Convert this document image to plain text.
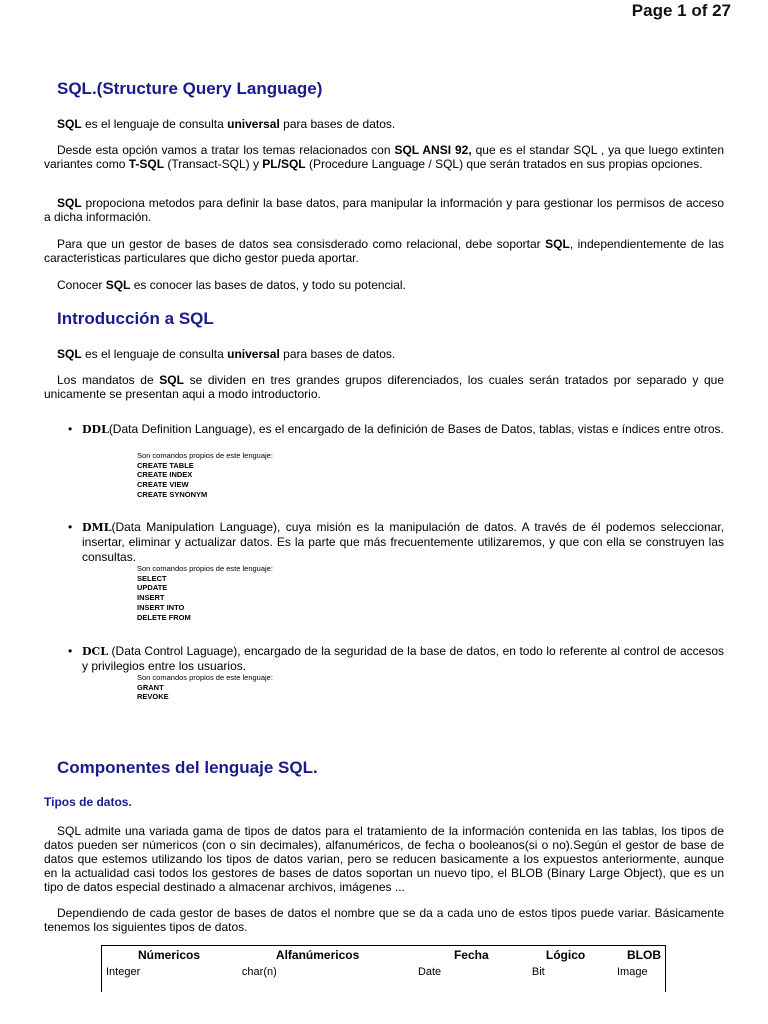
Page 1 of 27
SQL.(Structure Query Language)
SQL es el lenguaje de consulta universal para bases de datos.
Desde esta opción vamos a tratar los temas relacionados con SQL ANSI 92, que es el standar SQL , ya que luego extinten variantes como T-SQL (Transact-SQL) y PL/SQL (Procedure Language / SQL) que serán tratados en sus propias opciones.
SQL propociona metodos para definir la base datos, para manipular la información y para gestionar los permisos de acceso a dicha información.
Para que un gestor de bases de datos sea consisderado como relacional, debe soportar SQL, independientemente de las caracteristicas particulares que dicho gestor pueda aportar.
Conocer SQL es conocer las bases de datos, y todo su potencial.
Introducción a SQL
SQL es el lenguaje de consulta universal para bases de datos.
Los mandatos de SQL se dividen en tres grandes grupos diferenciados, los cuales serán tratados por separado y que unicamente se presentan aqui a modo introductorio.
• DDL(Data Definition Language), es el encargado de la definición de Bases de Datos, tablas, vistas e índices entre otros.
Son comandos propios de este lenguaje:
CREATE TABLE
CREATE INDEX
CREATE VIEW
CREATE SYNONYM
• DML(Data Manipulation Language), cuya misión es la manipulación de datos. A través de él podemos seleccionar, insertar, eliminar y actualizar datos. Es la parte que más frecuentemente utilizaremos, y que con ella se construyen las consultas.
Son comandos propios de este lenguaje:
SELECT
UPDATE
INSERT
INSERT INTO
DELETE FROM
• DCL (Data Control Laguage), encargado de la seguridad de la base de datos, en todo lo referente al control de accesos y privilegios entre los usuarios.
Son comandos propios de este lenguaje:
GRANT
REVOKE
Componentes del lenguaje SQL.
Tipos de datos.
SQL admite una variada gama de tipos de datos para el tratamiento de la información contenida en las tablas, los tipos de datos pueden ser númericos (con o sin decimales), alfanuméricos, de fecha o booleanos(si o no).Según el gestor de base de datos que estemos utilizando los tipos de datos varian, pero se reducen basicamente a los expuestos anteriormente, aunque en la actualidad casi todos los gestores de bases de datos soportan un nuevo tipo, el BLOB (Binary Large Object), que es un tipo de datos especial destinado a almacenar archivos, imágenes ...
Dependiendo de cada gestor de bases de datos el nombre que se da a cada uno de estos tipos puede variar. Básicamente tenemos los siguientes tipos de datos.
Númericos	Alfanúmericos	Fecha	Lógico	BLOB
Integer	char(n)	Date	Bit	Image
